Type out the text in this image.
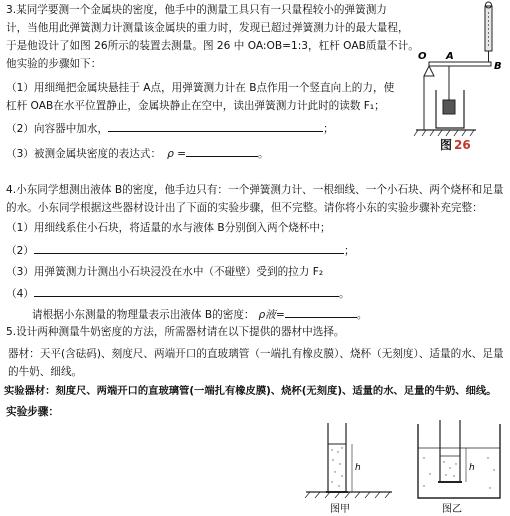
3.某同学要测一个金属块的密度，他手中的测量工具只有一只量程较小的弹簧测力
计，当他用此弹簧测力计测量该金属块的重力时，发现已超过弹簧测力计的最大量程，
于是他设计了如图 26所示的装置去测量。图 26 中 OA:OB=1:3，杠杆 OAB质量不计。
他实验的步骤如下：
（1）用细绳把金属块悬挂于 A点，用弹簧测力计在 B点作用一个竖直向上的力，使
杠杆 OAB在水平位置静止，金属块静止在空中，读出弹簧测力计此时的读数 F₁；
（2）向容器中加水，	；
（3）被测金属块密度的表达式： ρ =	。
O A
B
图 26
4.小东同学想测出液体 B的密度，他手边只有：一个弹簧测力计、一根细线、一个小石块、两个烧杯和足量
的水。小东同学根据这些器材设计出了下面的实验步骤，但不完整。请你将小东的实验步骤补充完整：
（1）用细线系住小石块，将适量的水与液体 B分别倒入两个烧杯中；
（2）	；
（3）用弹簧测力计测出小石块浸没在水中（不碰壁）受到的拉力 F₂
（4）	。
请根据小东测量的物理量表示出液体 B的密度： ρ液=	。
5.设计两种测量牛奶密度的方法，所需器材请在以下提供的器材中选择。
器材：天平(含砝码)、刻度尺、两端开口的直玻璃管（一端扎有橡皮膜）、烧杯（无刻度）、适量的水、足量
的牛奶、细线。
实验器材：刻度尺、两端开口的直玻璃管(一端扎有橡皮膜)、烧杯(无刻度)、适量的水、足量的牛奶、细线。
实验步骤：
h
图甲
h
图乙
